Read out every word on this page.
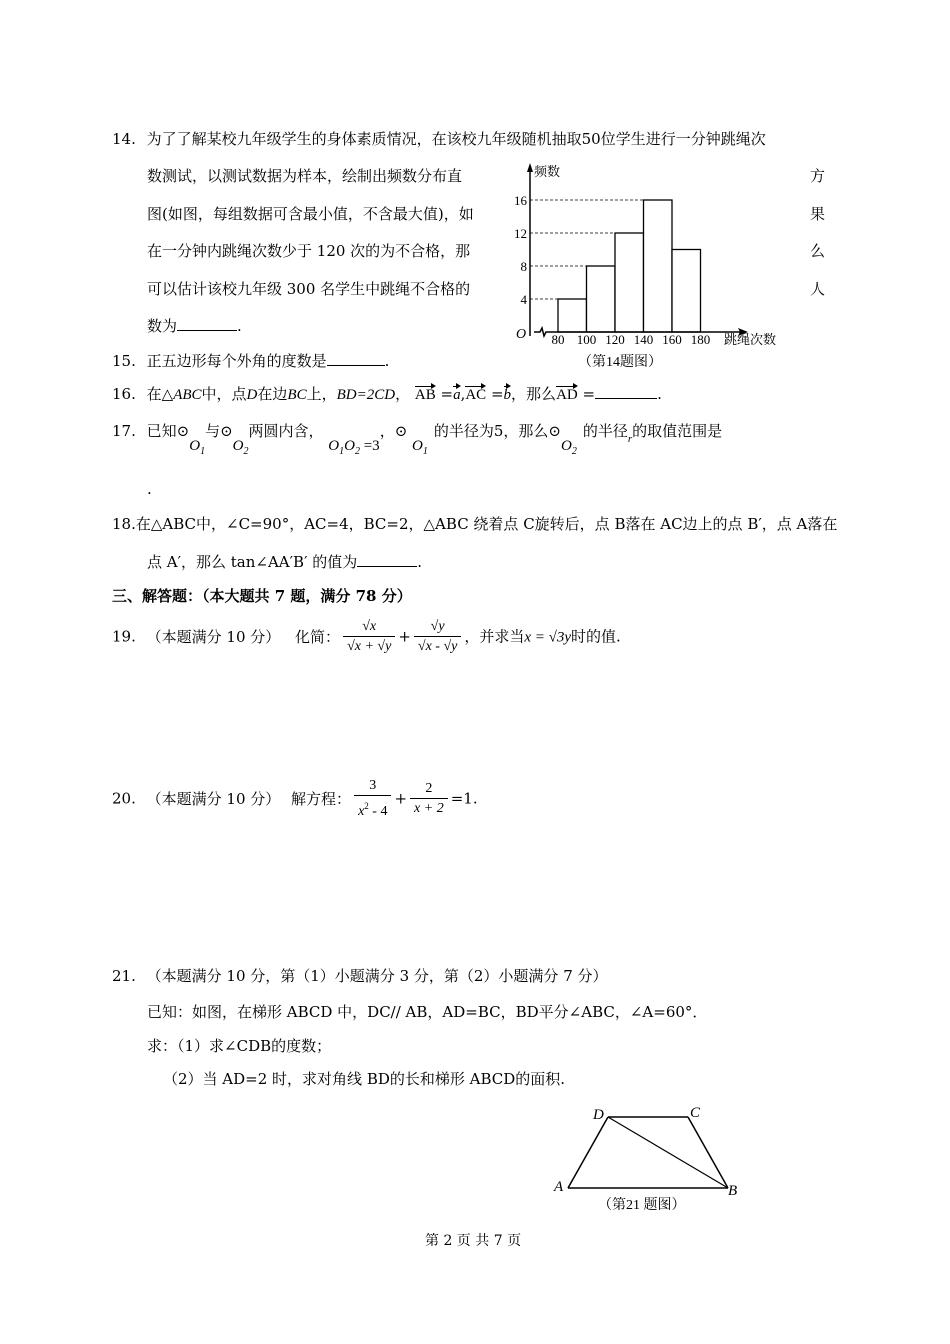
14. 为了了解某校九年级学生的身体素质情况，在该校九年级随机抽取50位学生进行一分钟跳绳次
数测试，以测试数据为样本，绘制出频数分布直
图(如图，每组数据可含最小值，不含最大值)，如
在一分钟内跳绳次数少于 120 次的为不合格，那
可以估计该校九年级 300 名学生中跳绳不合格的
数为	.
方
果
么
人
频数
O	跳绳次数
4
8
12
16
80 100 120 140 160 180
（第14题图）
15. 正五边形每个外角的度数是	.
16. 在△ABC中，点D在边BC上，BD=2CD， AB =a,AC =b，那么AD =	.
17. 已知$⊙O_1$与$⊙O_2$两圆内含， $O_1O_2 =3$，⊙ $O_1$的半径为5，那么$⊙O_2$的半径$_r$的取值范围是
.
18.在△ABC中，∠C=90°，AC=4，BC=2，△ABC 绕着点 C旋转后，点 B落在 AC边上的点 B′，点 A落在
点 A′，那么 tan∠AA′B′ 的值为	.
三、解答题：（本大题共 7 题，满分 78 分）
19. （本题满分 10 分） 化简： $\frac{√x}{√x + √y} + \frac{√y}{√x - √y}$ ，并求当x = √3y时的值.
20. （本题满分 10 分） 解方程： $\frac{3}{x^2 - 4} + \frac{2}{x + 2} =1$.
21. （本题满分 10 分，第（1）小题满分 3 分，第（2）小题满分 7 分）
已知：如图，在梯形 ABCD 中，DC// AB，AD=BC，BD平分∠ABC，∠A=60°．
求：（1）求∠CDB的度数；
（2）当 AD=2 时，求对角线 BD的长和梯形 ABCD的面积.
D	C
A	B
（第21 题图）
第 2 页 共 7 页
